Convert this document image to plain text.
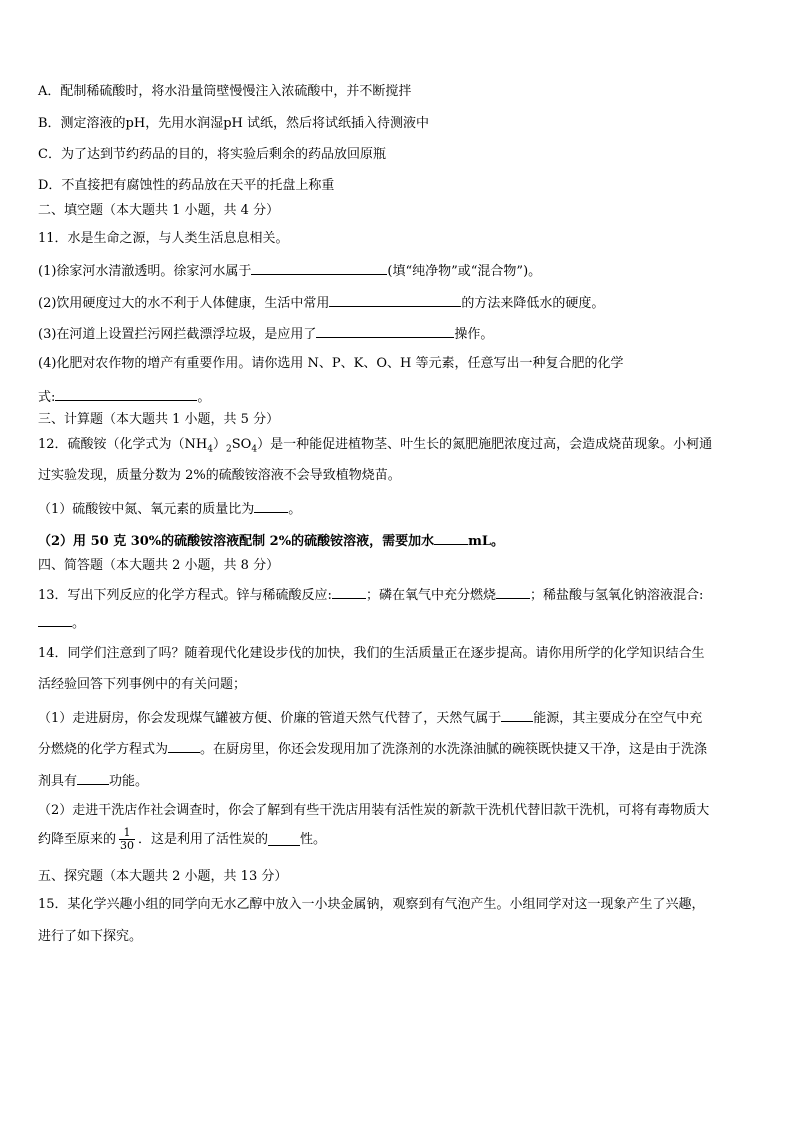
A．配制稀硫酸时，将水沿量筒壁慢慢注入浓硫酸中，并不断搅拌
B．测定溶液的pH，先用水润湿pH 试纸，然后将试纸插入待测液中
C．为了达到节约药品的目的，将实验后剩余的药品放回原瓶
D．不直接把有腐蚀性的药品放在天平的托盘上称重
二、填空题（本大题共 1 小题，共 4 分）
11．水是生命之源，与人类生活息息相关。
(1)徐家河水清澈透明。徐家河水属于	(填“纯净物”或“混合物”)。
(2)饮用硬度过大的水不利于人体健康，生活中常用	的方法来降低水的硬度。
(3)在河道上设置拦污网拦截漂浮垃圾，是应用了	操作。
(4)化肥对农作物的增产有重要作用。请你选用 N、P、K、O、H 等元素，任意写出一种复合肥的化学
式:	。
三、计算题（本大题共 1 小题，共 5 分）
12．硫酸铵（化学式为$(NH_4)_2SO_4$）是一种能促进植物茎、叶生长的氮肥施肥浓度过高，会造成烧苗现象。小柯通
过实验发现，质量分数为 2%的硫酸铵溶液不会导致植物烧苗。
（1）硫酸铵中氮、氧元素的质量比为	。
（2）用 50 克 30%的硫酸铵溶液配制 2%的硫酸铵溶液，需要加水	mL。
四、简答题（本大题共 2 小题，共 8 分）
13．写出下列反应的化学方程式。锌与稀硫酸反应:	；磷在氧气中充分燃烧	；稀盐酸与氢氧化钠溶液混合:
。
14．同学们注意到了吗？随着现代化建设步伐的加快，我们的生活质量正在逐步提高。请你用所学的化学知识结合生
活经验回答下列事例中的有关问题；
（1）走进厨房，你会发现煤气罐被方便、价廉的管道天然气代替了，天然气属于 能源，其主要成分在空气中充
分燃烧的化学方程式为 。在厨房里，你还会发现用加了洗涤剂的水洗涤油腻的碗筷既快捷又干净，这是由于洗涤
剂具有 功能。
（2）走进干洗店作社会调查时，你会了解到有些干洗店用装有活性炭的新款干洗机代替旧款干洗机，可将有毒物质大
约降至原来的 $\frac{1}{30}$ ．这是利用了活性炭的 性。
五、探究题（本大题共 2 小题，共 13 分）
15．某化学兴趣小组的同学向无水乙醇中放入一小块金属钠，观察到有气泡产生。小组同学对这一现象产生了兴趣，
进行了如下探究。
